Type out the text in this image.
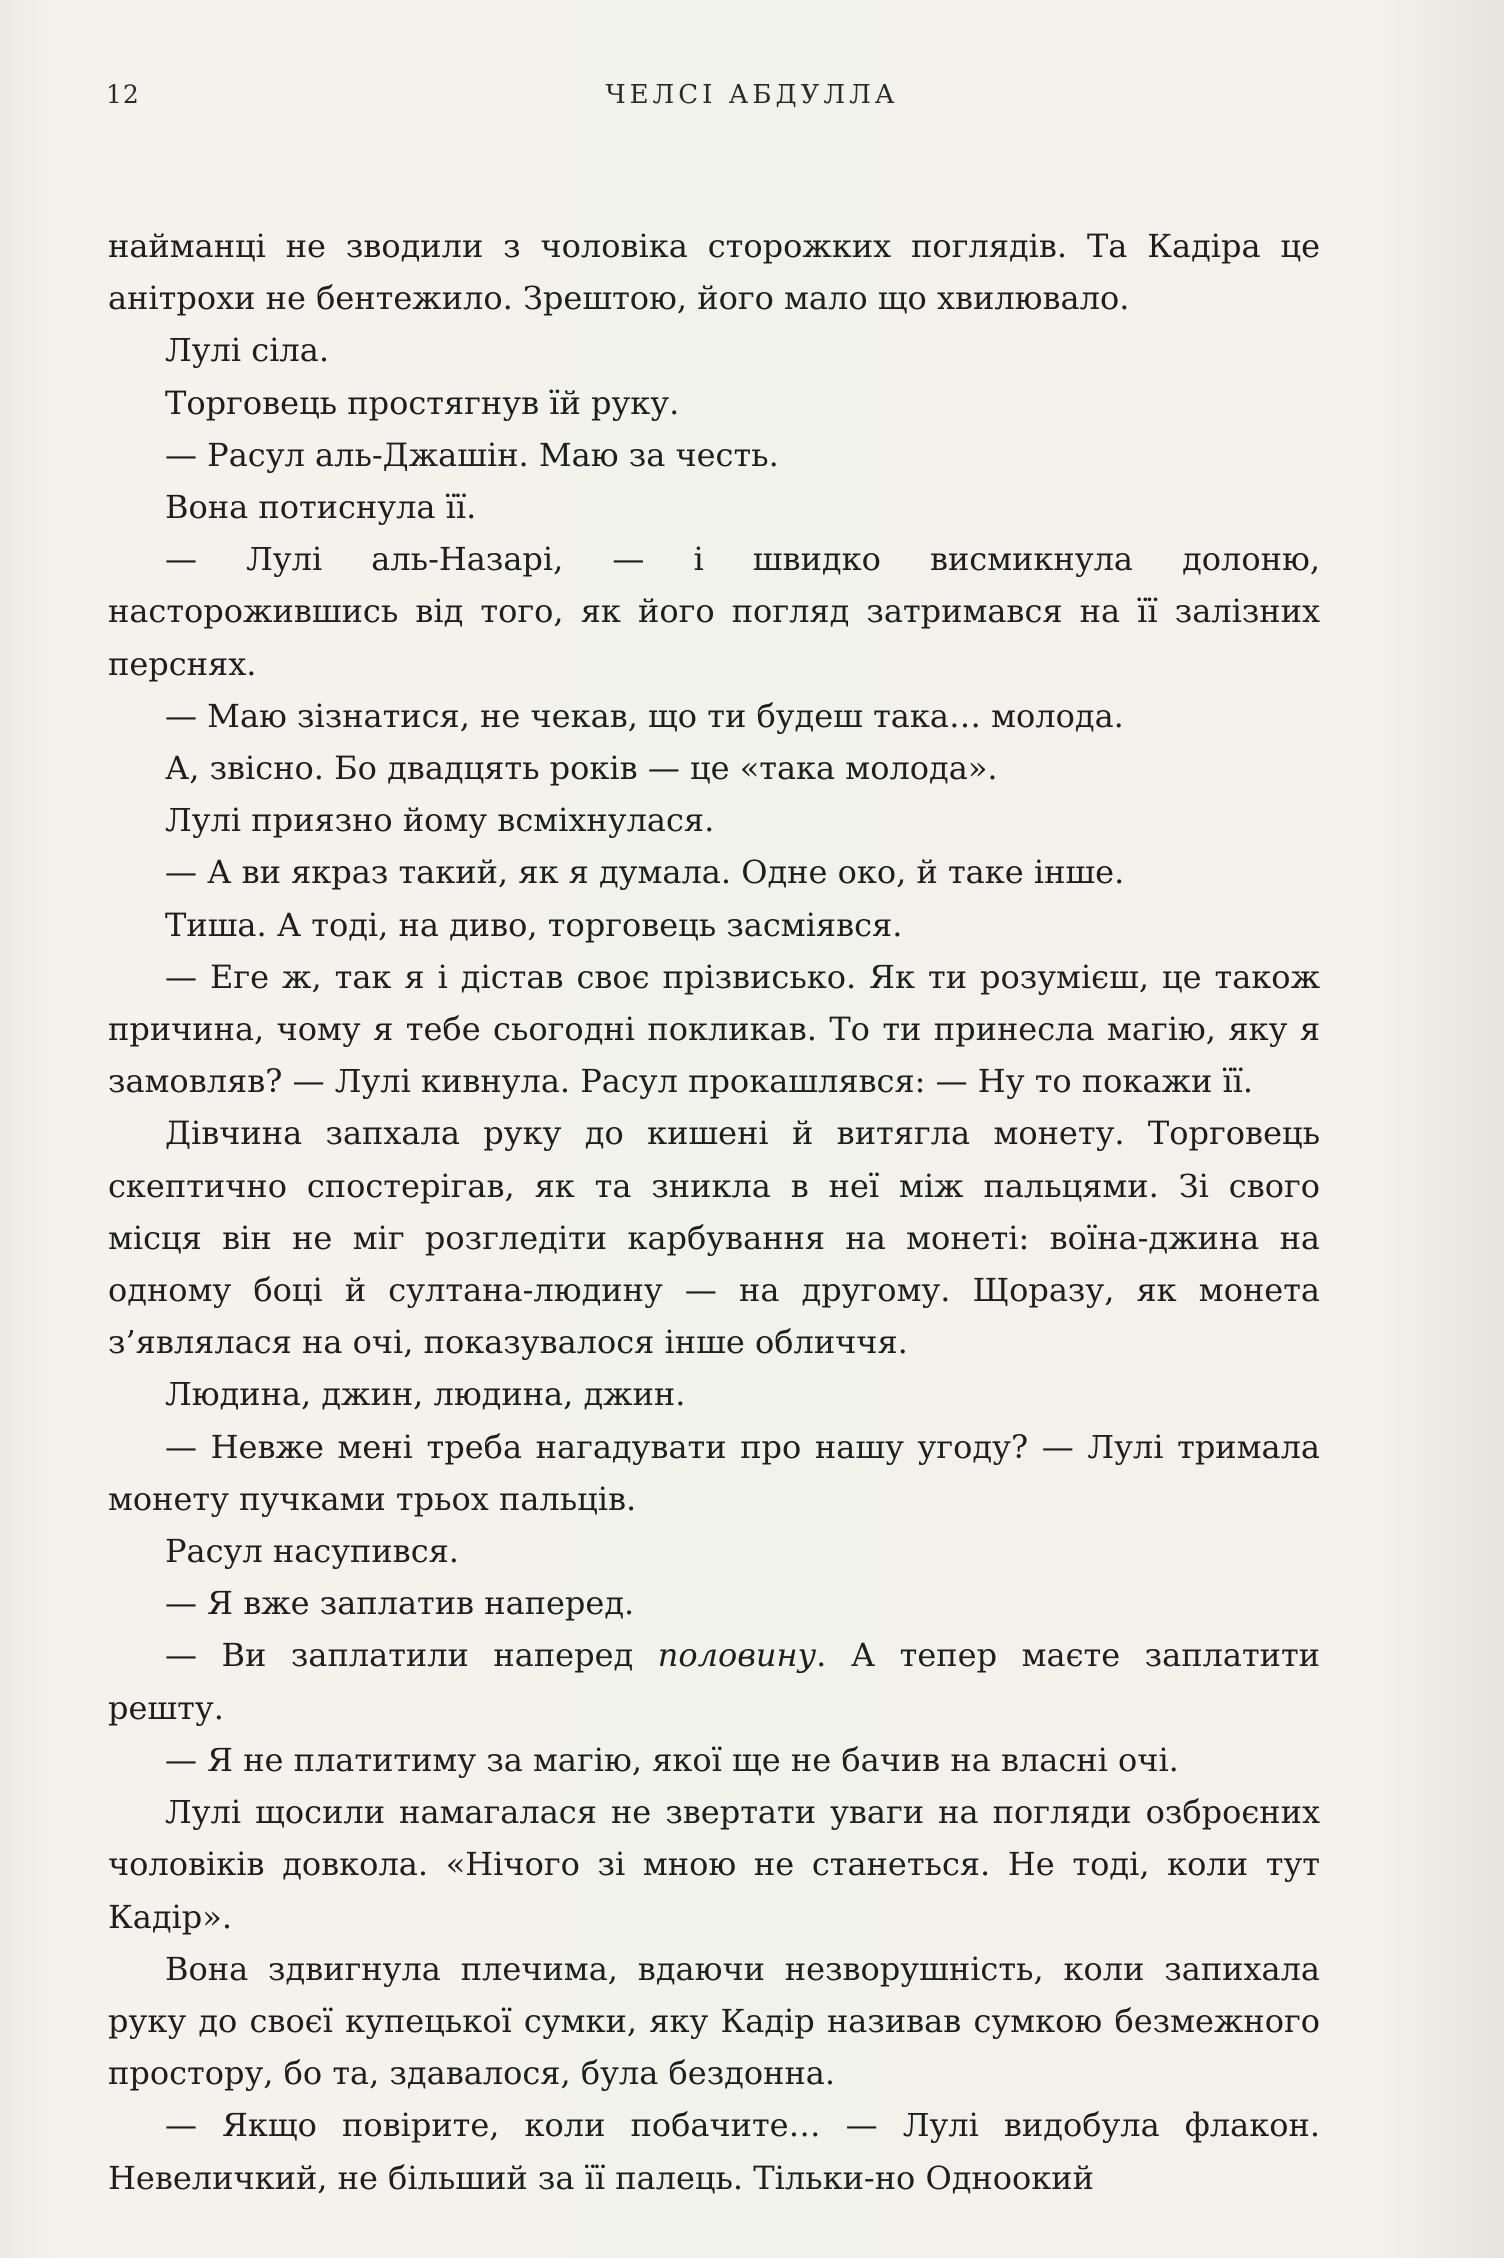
12	ЧЕЛСІ АБДУЛЛА

найманці не зводили з чоловіка сторожких поглядів. Та Кадіра це анітрохи не бентежило. Зрештою, його мало що хвилювало.

Лулі сіла.

Торговець простягнув їй руку.

— Расул аль-Джашін. Маю за честь.

Вона потиснула її.

— Лулі аль-Назарі, — і швидко висмикнула долоню, насторожившись від того, як його погляд затримався на її залізних перснях.

— Маю зізнатися, не чекав, що ти будеш така… молода.

А, звісно. Бо двадцять років — це «така молода».

Лулі приязно йому всміхнулася.

— А ви якраз такий, як я думала. Одне око, й таке інше.

Тиша. А тоді, на диво, торговець засміявся.

— Еге ж, так я і дістав своє прізвисько. Як ти розумієш, це також причина, чому я тебе сьогодні покликав. То ти принесла магію, яку я замовляв? — Лулі кивнула. Расул прокашлявся: — Ну то покажи її.

Дівчина запхала руку до кишені й витягла монету. Торговець скептично спостерігав, як та зникла в неї між пальцями. Зі свого місця він не міг розгледіти карбування на монеті: воїна-джина на одному боці й султана-людину — на другому. Щоразу, як монета з’являлася на очі, показувалося інше обличчя.

Людина, джин, людина, джин.

— Невже мені треба нагадувати про нашу угоду? — Лулі тримала монету пучками трьох пальців.

Расул насупився.

— Я вже заплатив наперед.

— Ви заплатили наперед половину. А тепер маєте заплатити решту.

— Я не платитиму за магію, якої ще не бачив на власні очі.

Лулі щосили намагалася не звертати уваги на погляди озброєних чоловіків довкола. «Нічого зі мною не станеться. Не тоді, коли тут Кадір».

Вона здвигнула плечима, вдаючи незворушність, коли запихала руку до своєї купецької сумки, яку Кадір називав сумкою безмежного простору, бо та, здавалося, була бездонна.

— Якщо повірите, коли побачите… — Лулі видобула флакон. Невеличкий, не більший за її палець. Тільки-но Одноокий
